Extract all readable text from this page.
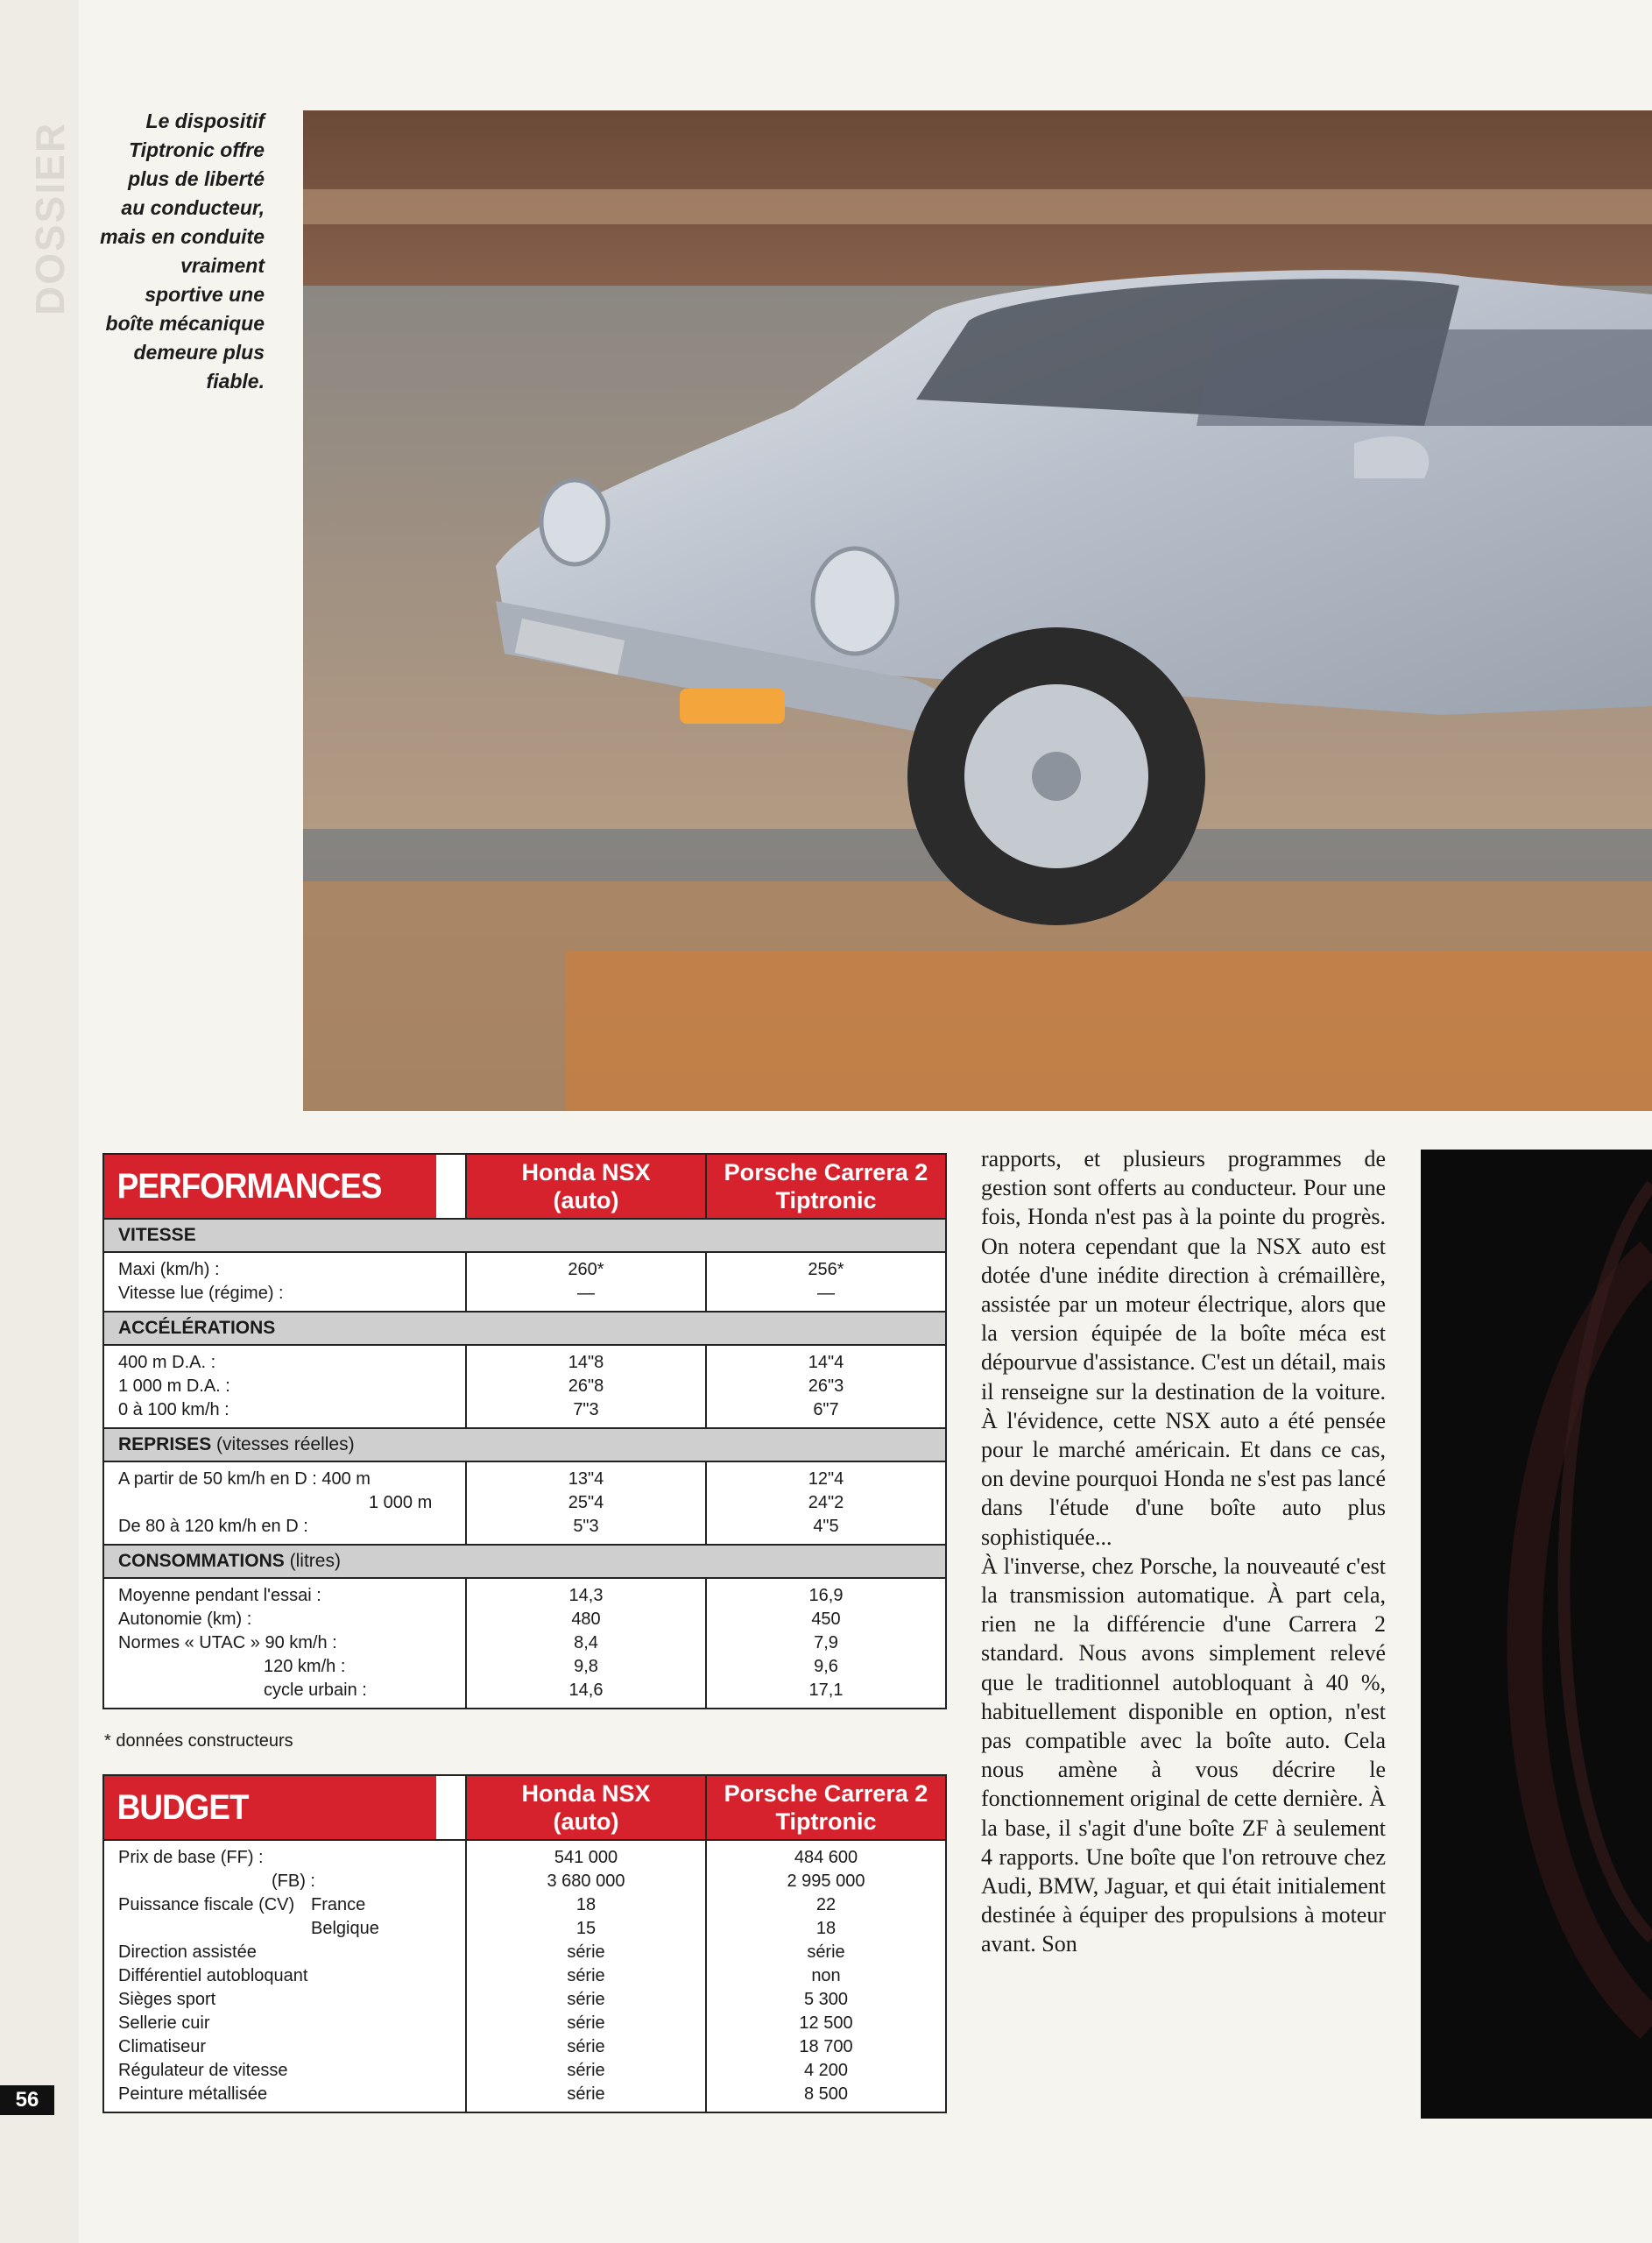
DOSSIER
Le dispositif
Tiptronic offre
plus de liberté
au conducteur,
mais en conduite
vraiment
sportive une
boîte mécanique
demeure plus
fiable.
PERFORMANCES	Honda NSX
(auto)
Porsche Carrera 2
Tiptronic
VITESSE
Maxi (km/h) :
Vitesse lue (régime) :
260*
—
256*
—
ACCÉLÉRATIONS
400 m D.A. :
1 000 m D.A. :
0 à 100 km/h :
14"8
26"8
7"3
14"4
26"3
6"7
REPRISES (vitesses réelles)
A partir de 50 km/h en D : 400 m
1 000 m
De 80 à 120 km/h en D :
13"4
25"4
5"3
12"4
24"2
4"5
CONSOMMATIONS (litres)
Moyenne pendant l'essai :
Autonomie (km) :
Normes « UTAC » 90 km/h :
120 km/h :
cycle urbain :
14,3
480
8,4
9,8
14,6
16,9
450
7,9
9,6
17,1
* données constructeurs
BUDGET	Honda NSX
(auto)
Porsche Carrera 2
Tiptronic
Prix de base (FF) :
(FB) :
Puissance fiscale (CV) France
Belgique
Direction assistée
Différentiel autobloquant
Sièges sport
Sellerie cuir
Climatiseur
Régulateur de vitesse
Peinture métallisée
541 000
3 680 000
18
15
série
série
série
série
série
série
série
484 600
2 995 000
22
18
série
non
5 300
12 500
18 700
4 200
8 500

rapports, et plusieurs programmes de gestion sont offerts au conducteur. Pour une fois, Honda n'est pas à la pointe du progrès. On notera cependant que la NSX auto est dotée d'une inédite direction à crémaillère, assistée par un moteur électrique, alors que la version équipée de la boîte méca est dépourvue d'assistance. C'est un détail, mais il renseigne sur la destination de la voiture. À l'évidence, cette NSX auto a été pensée pour le marché américain. Et dans ce cas, on devine pourquoi Honda ne s'est pas lancé dans l'étude d'une boîte auto plus sophistiquée...

À l'inverse, chez Porsche, la nouveauté c'est la transmission automatique. À part cela, rien ne la différencie d'une Carrera 2 standard. Nous avons simplement relevé que le traditionnel autobloquant à 40 %, habituellement disponible en option, n'est pas compatible avec la boîte auto. Cela nous amène à vous décrire le fonctionnement original de cette dernière. À la base, il s'agit d'une boîte ZF à seulement 4 rapports. Une boîte que l'on retrouve chez Audi, BMW, Jaguar, et qui était initialement destinée à équiper des propulsions à moteur avant. Son

56
